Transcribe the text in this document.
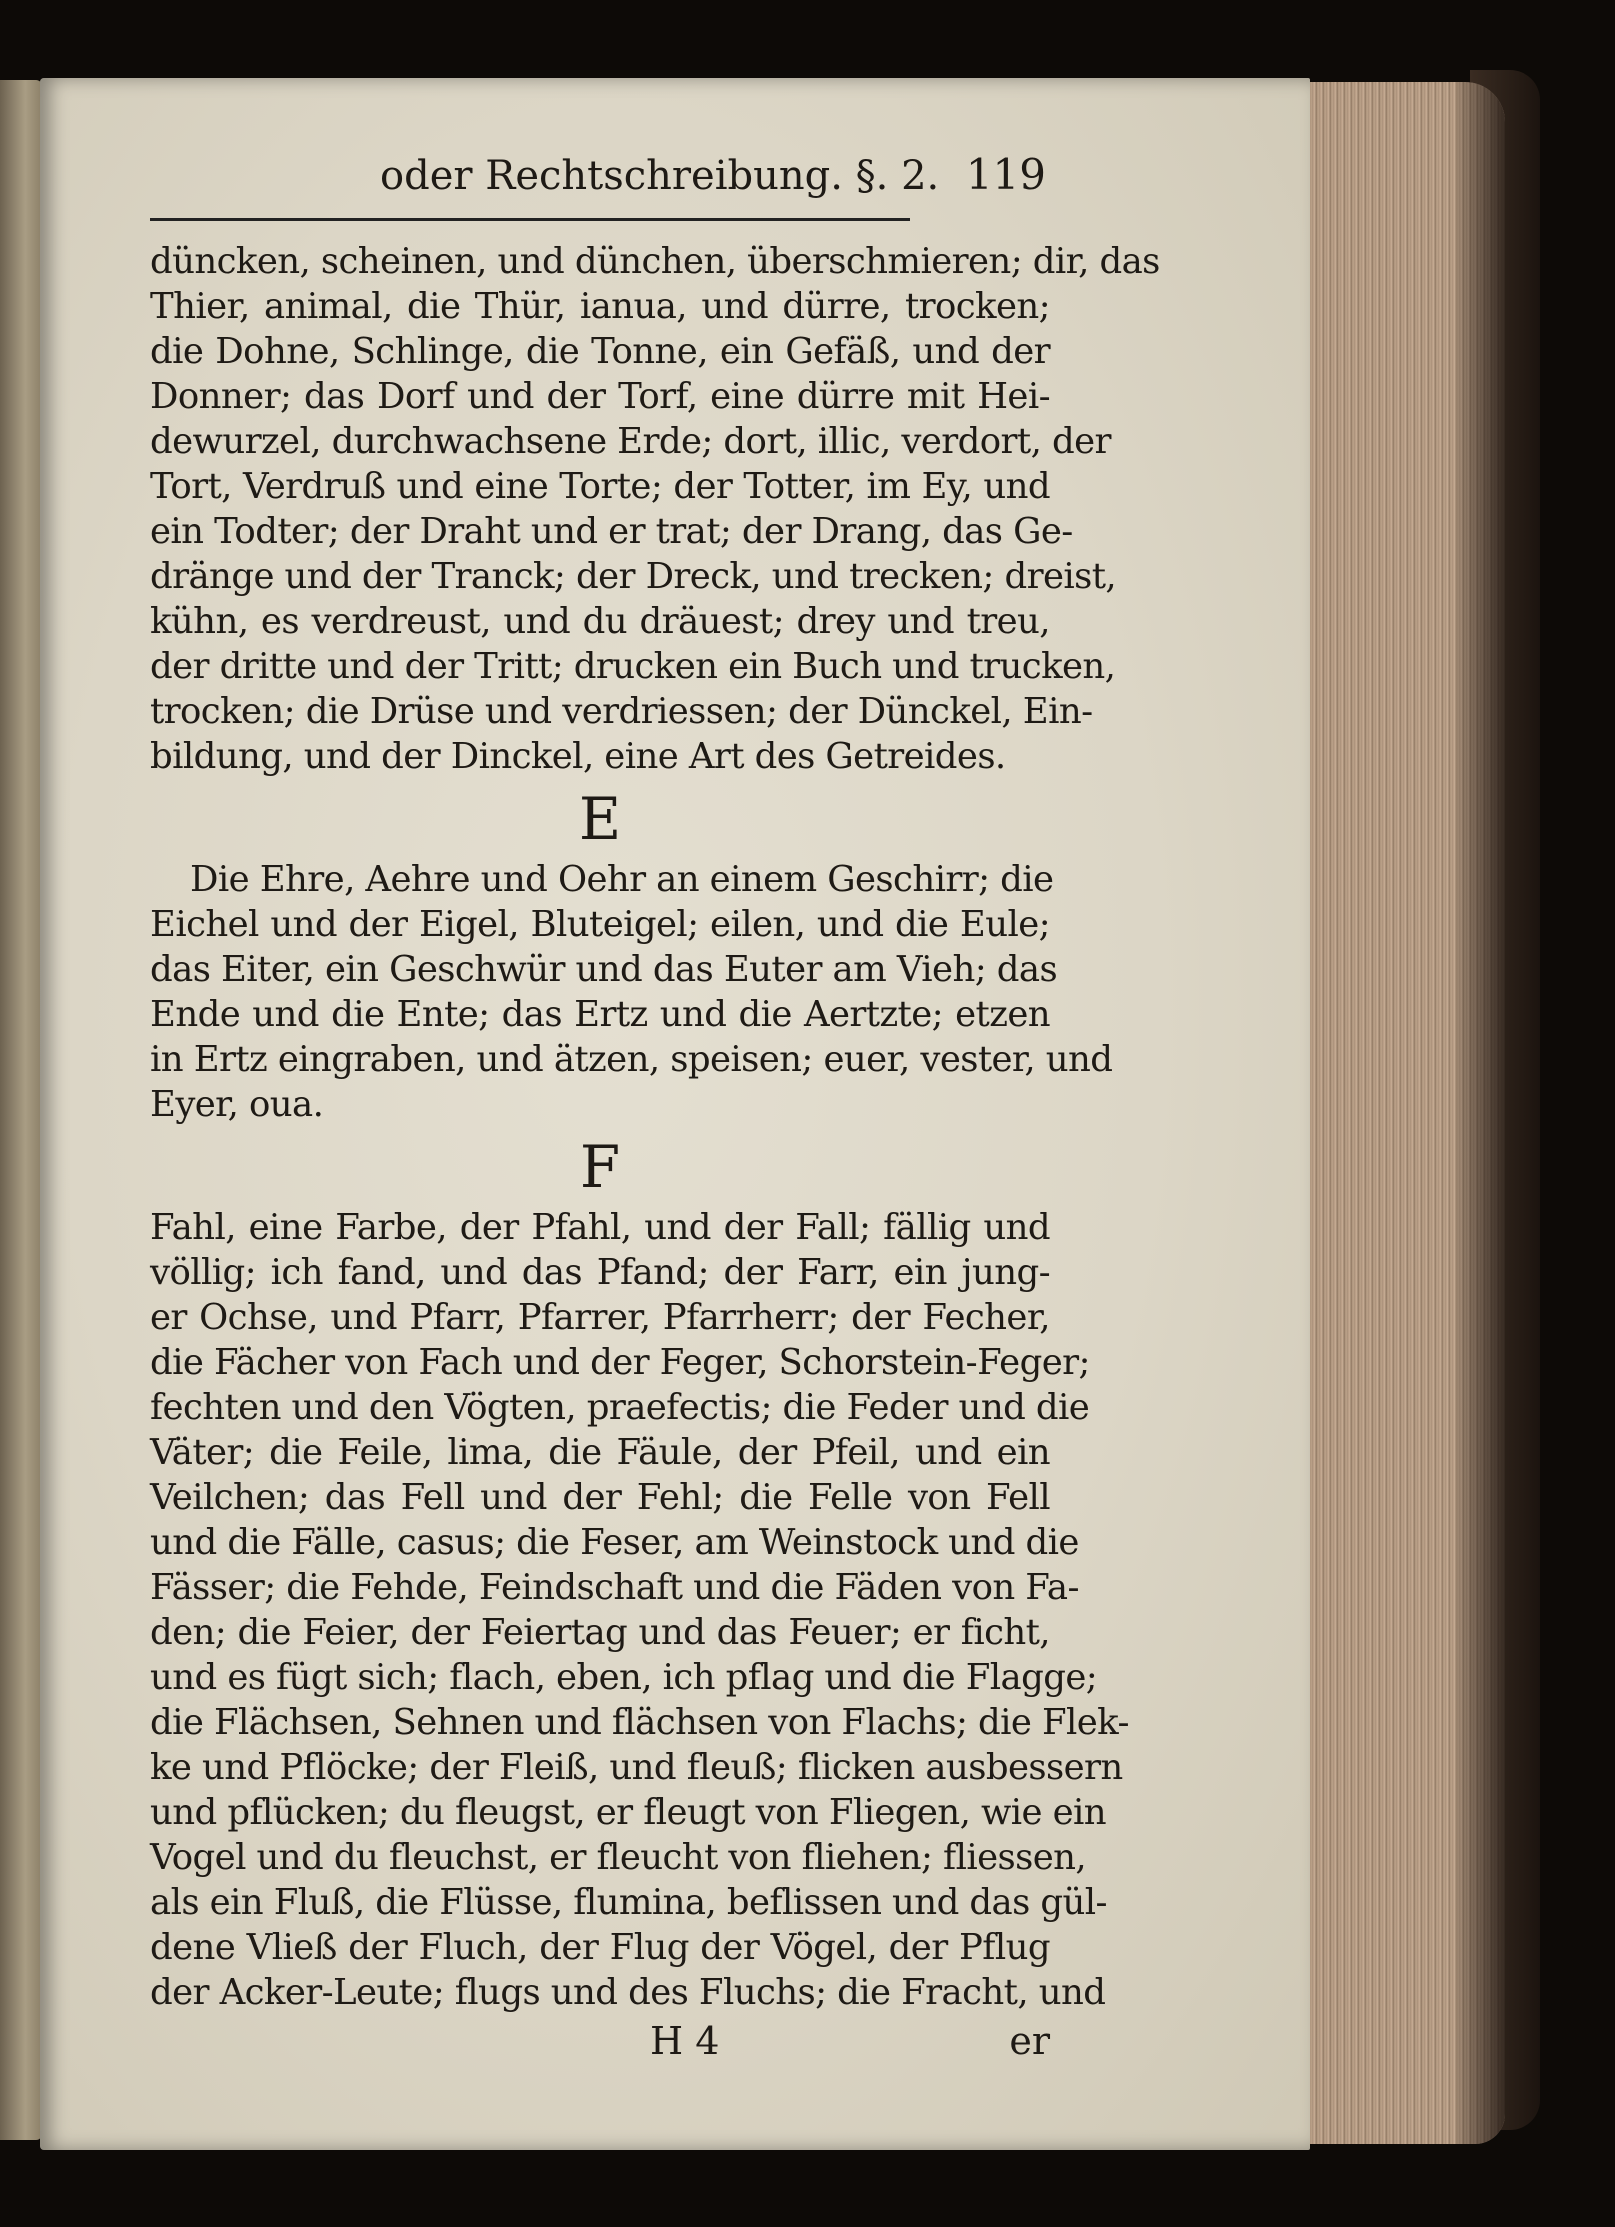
oder Rechtschreibung. §. 2. 119
düncken, scheinen, und dünchen, überschmieren; dir, das
Thier, animal, die Thür, ianua, und dürre, trocken;
die Dohne, Schlinge, die Tonne, ein Gefäß, und der
Donner; das Dorf und der Torf, eine dürre mit Hei-
dewurzel, durchwachsene Erde; dort, illic, verdort, der
Tort, Verdruß und eine Torte; der Totter, im Ey, und
ein Todter; der Draht und er trat; der Drang, das Ge-
dränge und der Tranck; der Dreck, und trecken; dreist,
kühn, es verdreust, und du dräuest; drey und treu,
der dritte und der Tritt; drucken ein Buch und trucken,
trocken; die Drüse und verdriessen; der Dünckel, Ein-
bildung, und der Dinckel, eine Art des Getreides.
E
Die Ehre, Aehre und Oehr an einem Geschirr; die
Eichel und der Eigel, Bluteigel; eilen, und die Eule;
das Eiter, ein Geschwür und das Euter am Vieh; das
Ende und die Ente; das Ertz und die Aertzte; etzen
in Ertz eingraben, und ätzen, speisen; euer, vester, und
Eyer, oua.
F
Fahl, eine Farbe, der Pfahl, und der Fall; fällig und
völlig; ich fand, und das Pfand; der Farr, ein jung-
er Ochse, und Pfarr, Pfarrer, Pfarrherr; der Fecher,
die Fächer von Fach und der Feger, Schorstein-Feger;
fechten und den Vögten, praefectis; die Feder und die
Väter; die Feile, lima, die Fäule, der Pfeil, und ein
Veilchen; das Fell und der Fehl; die Felle von Fell
und die Fälle, casus; die Feser, am Weinstock und die
Fässer; die Fehde, Feindschaft und die Fäden von Fa-
den; die Feier, der Feiertag und das Feuer; er ficht,
und es fügt sich; flach, eben, ich pflag und die Flagge;
die Flächsen, Sehnen und flächsen von Flachs; die Flek-
ke und Pflöcke; der Fleiß, und fleuß; flicken ausbessern
und pflücken; du fleugst, er fleugt von Fliegen, wie ein
Vogel und du fleuchst, er fleucht von fliehen; fliessen,
als ein Fluß, die Flüsse, flumina, beflissen und das gül-
dene Vließ der Fluch, der Flug der Vögel, der Pflug
der Acker-Leute; flugs und des Fluchs; die Fracht, und
H 4	er
